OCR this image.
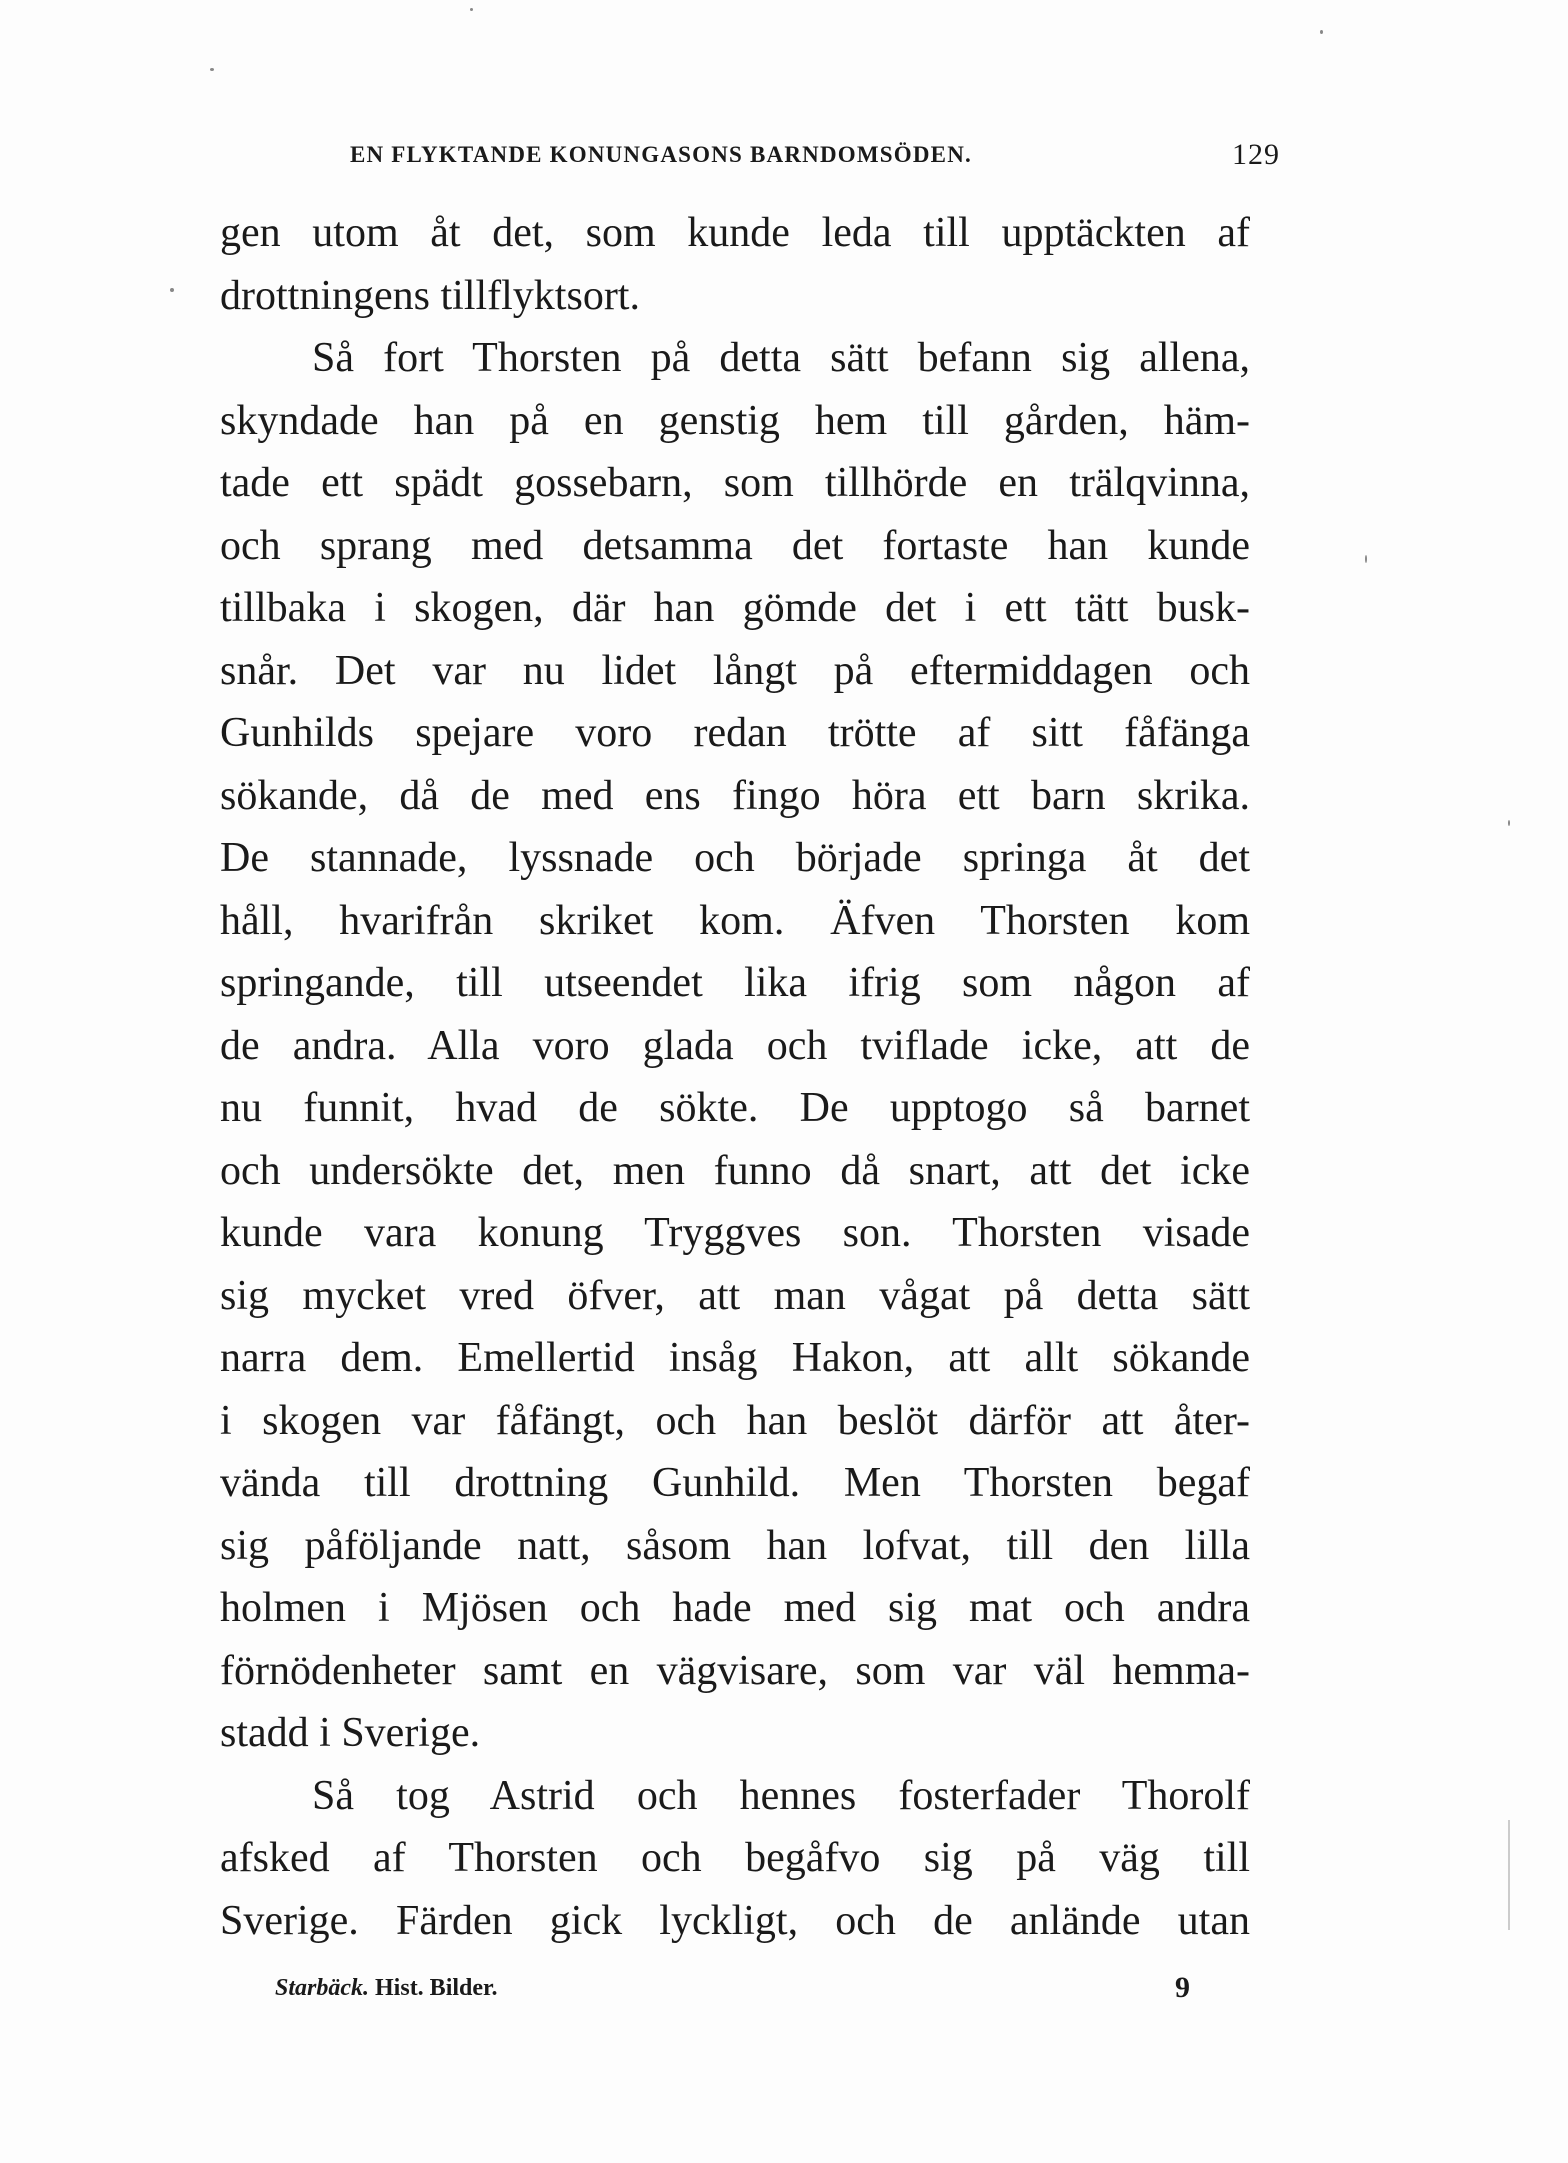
EN FLYKTANDE KONUNGASONS BARNDOMSÖDEN.	129
gen utom åt det, som kunde leda till upptäckten af
drottningens tillflyktsort.
Så fort Thorsten på detta sätt befann sig allena,
skyndade han på en genstig hem till gården, häm-
tade ett spädt gossebarn, som tillhörde en trälqvinna,
och sprang med detsamma det fortaste han kunde
tillbaka i skogen, där han gömde det i ett tätt busk-
snår. Det var nu lidet långt på eftermiddagen och
Gunhilds spejare voro redan trötte af sitt fåfänga
sökande, då de med ens fingo höra ett barn skrika.
De stannade, lyssnade och började springa åt det
håll, hvarifrån skriket kom. Äfven Thorsten kom
springande, till utseendet lika ifrig som någon af
de andra. Alla voro glada och tviflade icke, att de
nu funnit, hvad de sökte. De upptogo så barnet
och undersökte det, men funno då snart, att det icke
kunde vara konung Tryggves son. Thorsten visade
sig mycket vred öfver, att man vågat på detta sätt
narra dem. Emellertid insåg Hakon, att allt sökande
i skogen var fåfängt, och han beslöt därför att åter-
vända till drottning Gunhild. Men Thorsten begaf
sig påföljande natt, såsom han lofvat, till den lilla
holmen i Mjösen och hade med sig mat och andra
förnödenheter samt en vägvisare, som var väl hemma-
stadd i Sverige.
Så tog Astrid och hennes fosterfader Thorolf
afsked af Thorsten och begåfvo sig på väg till
Sverige. Färden gick lyckligt, och de anlände utan
Starbäck. Hist. Bilder.	9
